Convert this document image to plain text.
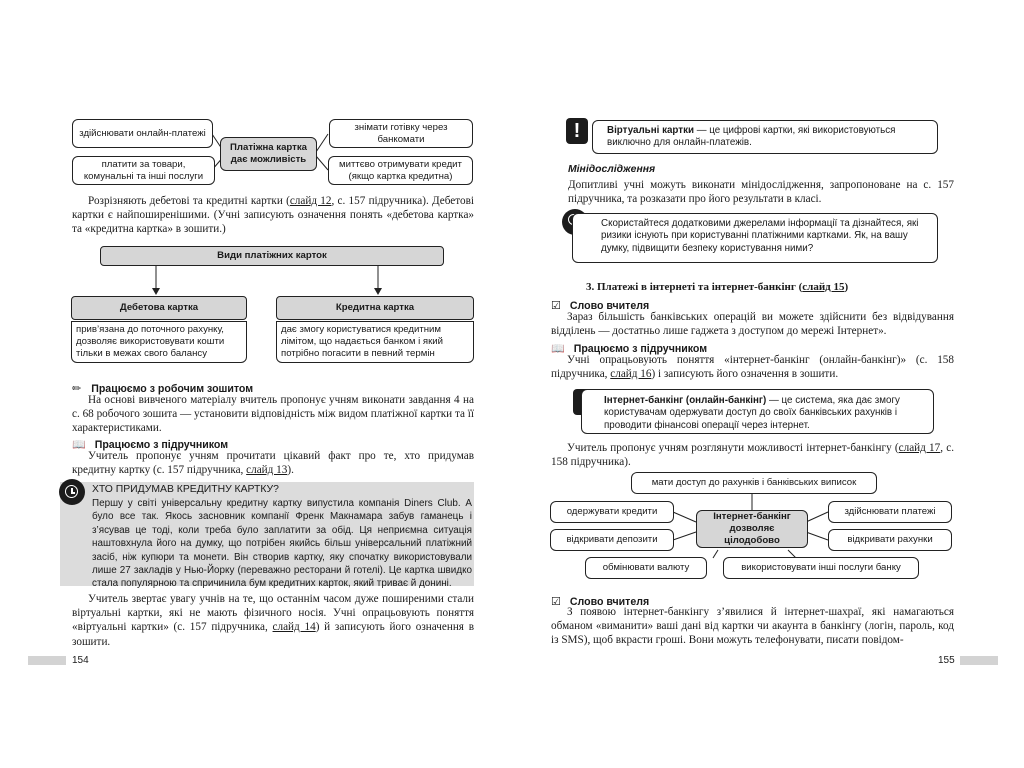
здійснювати онлайн-платежі
платити за товари, комунальні та інші послуги
Платіжна картка дає можливість
знімати готівку через банкомати
миттєво отримувати кредит (якщо картка кредитна)

Розрізняють дебетові та кредитні картки (слайд 12, с. 157 підручника). Дебетові картки є найпоширенішими. (Учні записують означення понять «дебетова картка» та «кредитна картка» в зошити.)

Види платіжних карток
Дебетова картка
прив’язана до поточного рахунку, дозволяє використовувати кошти тільки в межах свого балансу
Кредитна картка
дає змогу користуватися кредитним лімітом, що надається банком і який потрібно погасити в певний термін
✏ Працюємо з робочим зошитом

На основі вивченого матеріалу вчитель пропонує учням виконати завдання 4 на с. 68 робочого зошита — установити відповідність між видом платіжної картки та її характеристиками.

📖 Працюємо з підручником

Учитель пропонує учням прочитати цікавий факт про те, хто придумав кредитну картку (с. 157 підручника, слайд 13).

ХТО ПРИДУМАВ КРЕДИТНУ КАРТКУ?

Першу у світі універсальну кредитну картку випустила компанія Diners Club. А було все так. Якось засновник компанії Френк Макнамара забув гаманець і з’ясував це тоді, коли треба було заплатити за обід. Ця неприємна ситуація наштовхнула його на думку, що потрібен якийсь більш універсальний платіжний засіб, ніж купюри та монети. Він створив картку, яку спочатку використовували лише 27 закладів у Нью-Йорку (переважно ресторани й готелі). Це картка швидко стала популярною та спричинила бум кредитних карток, який триває й донині.

Учитель звертає увагу учнів на те, що останнім часом дуже поширеними стали віртуальні картки, які не мають фізичного носія. Учні опрацьовують поняття «віртуальні картки» (с. 157 підручника, слайд 14) й записують його означення в зошити.

154
!	Віртуальні картки — це цифрові картки, які використовуються виключно для онлайн-платежів.
Мінідослідження

Допитливі учні можуть виконати мінідослідження, запропоноване на с. 157 підручника, та розказати про його результати в класі.

Скористайтеся додатковими джерелами інформації та дізнайтеся, які ризики існують при користуванні платіжними картками. Як, на вашу думку, підвищити безпеку користування ними?
3. Платежі в інтернеті та інтернет-банкінг (слайд 15)
☑ Слово вчителя

Зараз більшість банківських операцій ви можете здійснити без відвідування відділень — достатньо лише гаджета з доступом до мережі Інтернет».

📖 Працюємо з підручником

Учні опрацьовують поняття «інтернет-банкінг (онлайн-банкінг)» (с. 158 підручника, слайд 16) і записують його означення в зошити.

Інтернет-банкінг (онлайн-банкінг) — це система, яка дає змогу користувачам одержувати доступ до своїх банківських рахунків і проводити фінансові операції через інтернет.

Учитель пропонує учням розглянути можливості інтернет-банкінгу (слайд 17, с. 158 підручника).

мати доступ до рахунків і банківських виписок
одержувати кредити
відкривати депозити
Інтернет-банкінг дозволяє цілодобово
здійснювати платежі
відкривати рахунки
обмінювати валюту	використовувати інші послуги банку
☑ Слово вчителя

З появою інтернет-банкінгу з’явилися й інтернет-шахраї, які намагаються обманом «виманити» ваші дані від картки чи акаунта в банкінгу (логін, пароль, код із SMS), щоб вкрасти гроші. Вони можуть телефонувати, писати повідом-

155
